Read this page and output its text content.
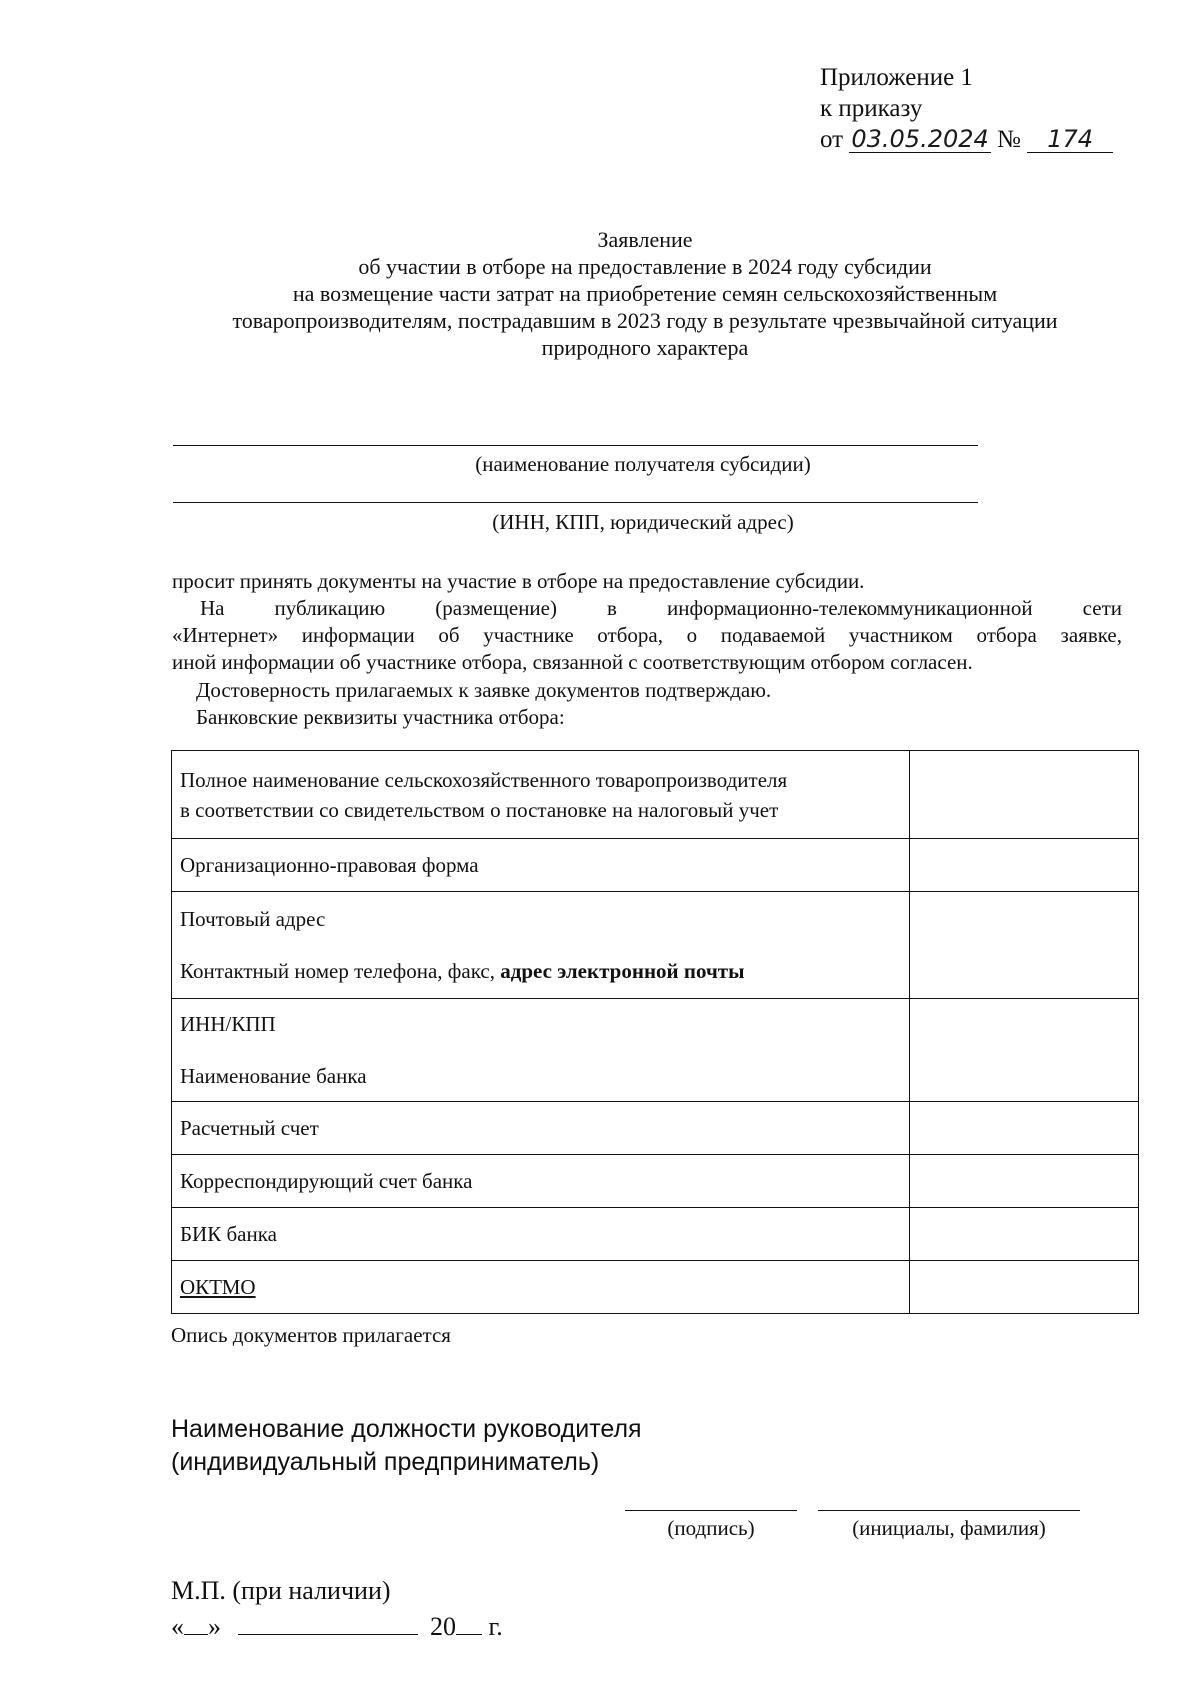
Приложение 1
к приказу
от 03.05.2024 № 174
Заявление
об участии в отборе на предоставление в 2024 году субсидии
на возмещение части затрат на приобретение семян сельскохозяйственным
товаропроизводителям, пострадавшим в 2023 году в результате чрезвычайной ситуации
природного характера
(наименование получателя субсидии)
(ИНН, КПП, юридический адрес)
просит принять документы на участие в отборе на предоставление субсидии.
На публикацию (размещение) в информационно-телекоммуникационной сети
«Интернет» информации об участнике отбора, о подаваемой участником отбора заявке,
иной информации об участнике отбора, связанной с соответствующим отбором согласен.
Достоверность прилагаемых к заявке документов подтверждаю.
Банковские реквизиты участника отбора:
Полное наименование сельскохозяйственного товаропроизводителя
в соответствии со свидетельством о постановке на налоговый учет	

Организационно-правовая форма	

Почтовый адрес
Контактный номер телефона, факс, адрес электронной почты	

ИНН/КПП
Наименование банка	

Расчетный счет	
Корреспондирующий счет банка	
БИК банка	
ОКТМО	
Опись документов прилагается
Наименование должности руководителя
(индивидуальный предприниматель)
(подпись)	(инициалы, фамилия)
М.П. (при наличии)
« »	20 г.
